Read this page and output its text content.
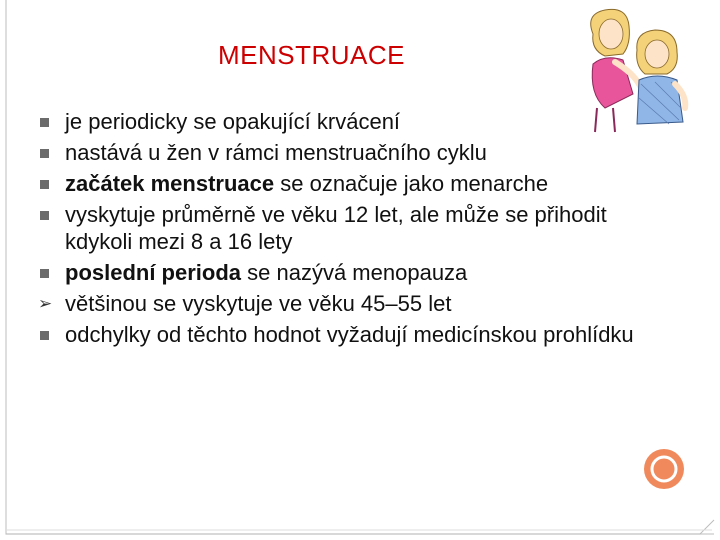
MENSTRUACE
je periodicky se opakující krvácení
nastává u žen v rámci menstruačního cyklu
začátek menstruace se označuje jako menarche
vyskytuje průměrně ve věku 12 let, ale může se přihodit kdykoli mezi 8 a 16 lety
poslední perioda se nazývá menopauza
➢ většinou se vyskytuje ve věku 45–55 let
odchylky od těchto hodnot vyžadují medicínskou prohlídku
